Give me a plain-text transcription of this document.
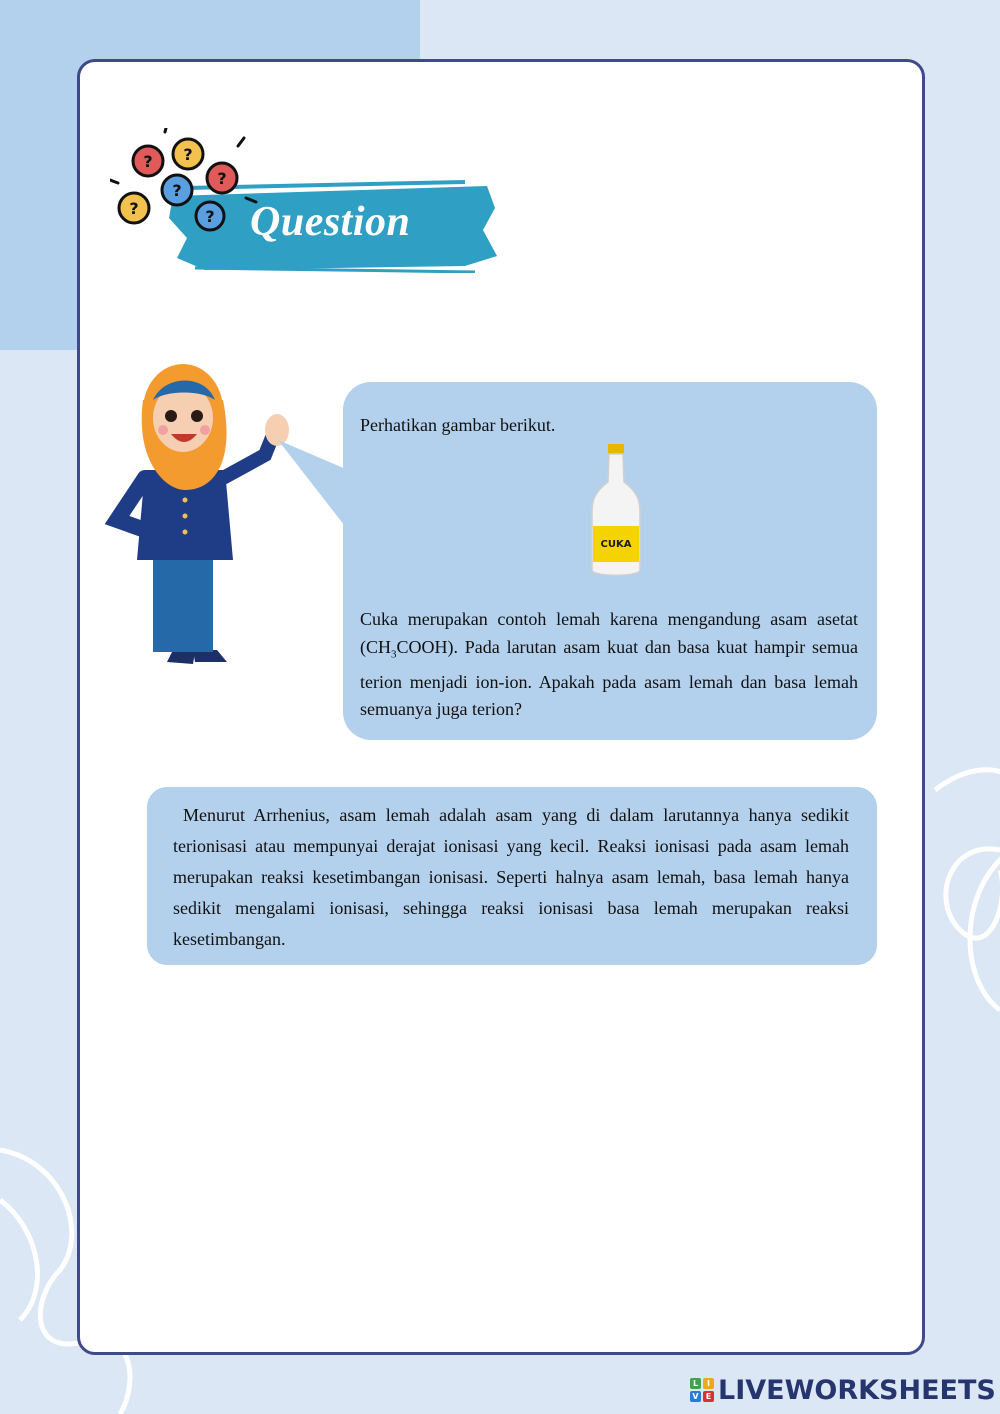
? ?
?
?
?	? Question
Perhatikan gambar berikut.
CUKA
Cuka merupakan contoh lemah karena mengandung asam asetat $(CH_3COOH)$. Pada larutan asam kuat dan basa kuat hampir semua terion menjadi ion-ion. Apakah pada asam lemah dan basa lemah semuanya juga terion?
Menurut Arrhenius, asam lemah adalah asam yang di dalam larutannya hanya sedikit terionisasi atau mempunyai derajat ionisasi yang kecil. Reaksi ionisasi pada asam lemah merupakan reaksi kesetimbangan ionisasi. Seperti halnya asam lemah, basa lemah hanya sedikit mengalami ionisasi, sehingga reaksi ionisasi basa lemah merupakan reaksi kesetimbangan.
L	I
V E LIVEWORKSHEETS
